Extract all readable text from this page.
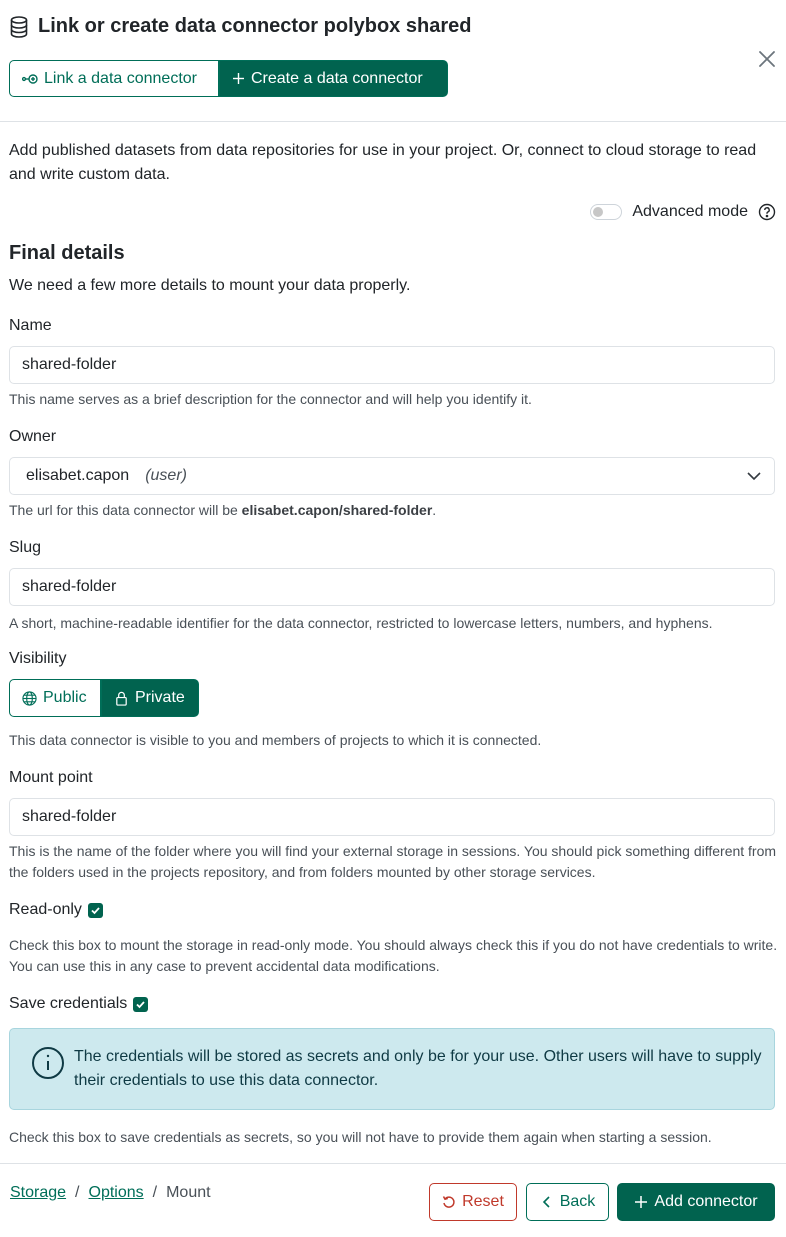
Link or create data connector polybox shared
Link a data connector	Create a data connector

Add published datasets from data repositories for use in your project. Or, connect to cloud storage to read and write custom data.

Advanced mode
Final details

We need a few more details to mount your data properly.

Name
shared-folder

This name serves as a brief description for the connector and will help you identify it.

Owner
elisabet.capon (user)

The url for this data connector will be elisabet.capon/shared-folder.

Slug
shared-folder

A short, machine-readable identifier for the data connector, restricted to lowercase letters, numbers, and hyphens.

Visibility
Public	Private

This data connector is visible to you and members of projects to which it is connected.

Mount point
shared-folder

This is the name of the folder where you will find your external storage in sessions. You should pick something different from the folders used in the projects repository, and from folders mounted by other storage services.

Read-only

Check this box to mount the storage in read-only mode. You should always check this if you do not have credentials to write. You can use this in any case to prevent accidental data modifications.

Save credentials

The credentials will be stored as secrets and only be for your use. Other users will have to supply their credentials to use this data connector.

Check this box to save credentials as secrets, so you will not have to provide them again when starting a session.

Storage / Options / Mount
Reset	Back	Add connector
